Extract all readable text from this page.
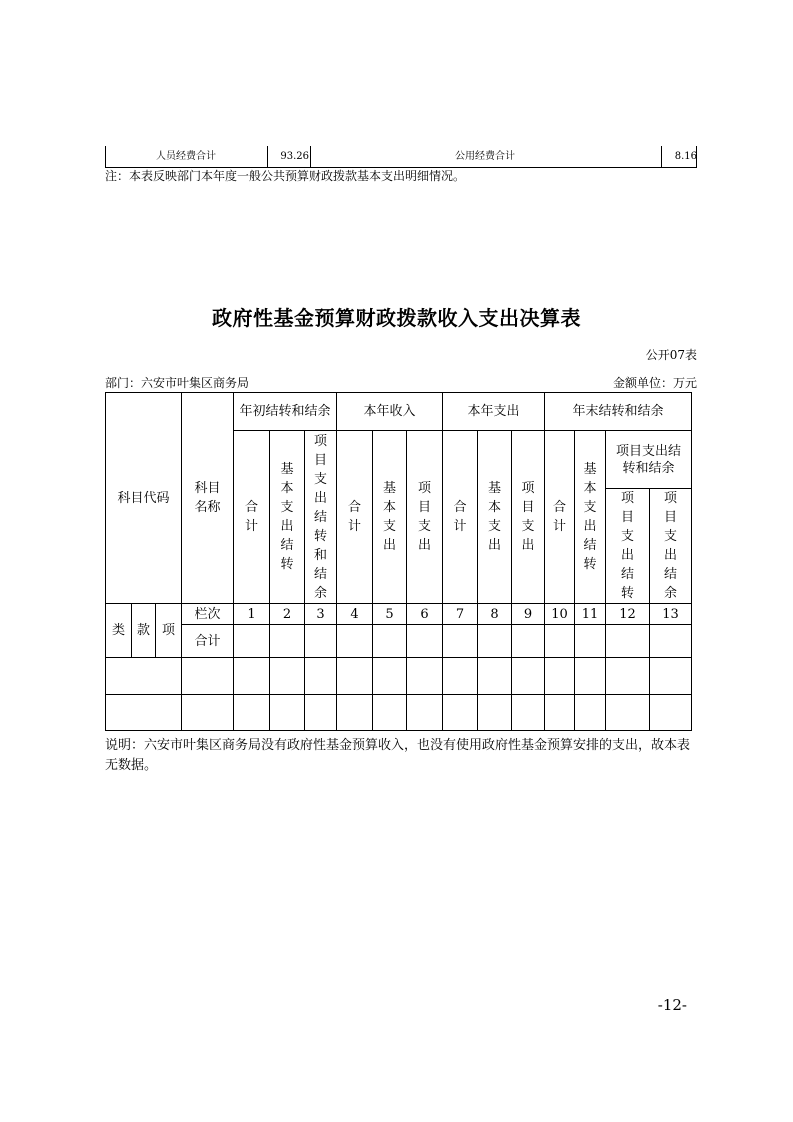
人员经费合计	93.26	公用经费合计	8.16
注：本表反映部门本年度一般公共预算财政拨款基本支出明细情况。
政府性基金预算财政拨款收入支出决算表
公开07表
部门：六安市叶集区商务局	金额单位：万元
科目代码			科目名称	年初结转和结余			本年收入			本年支出			年末结转和结余			
				合计	基本支出结转	项目支出结转和结余	合计	基本支出	项目支出	合计	基本支出	项目支出	合计	基本支出结转	项目支出结转和结余	
															项目支出结转	项目支出结余
类	款	项	栏次	1	2	3	4	5	6	7	8	9	10	11	12	13
			合计													

说明：六安市叶集区商务局没有政府性基金预算收入，也没有使用政府性基金预算安排的支出，故本表无数据。
-12-
